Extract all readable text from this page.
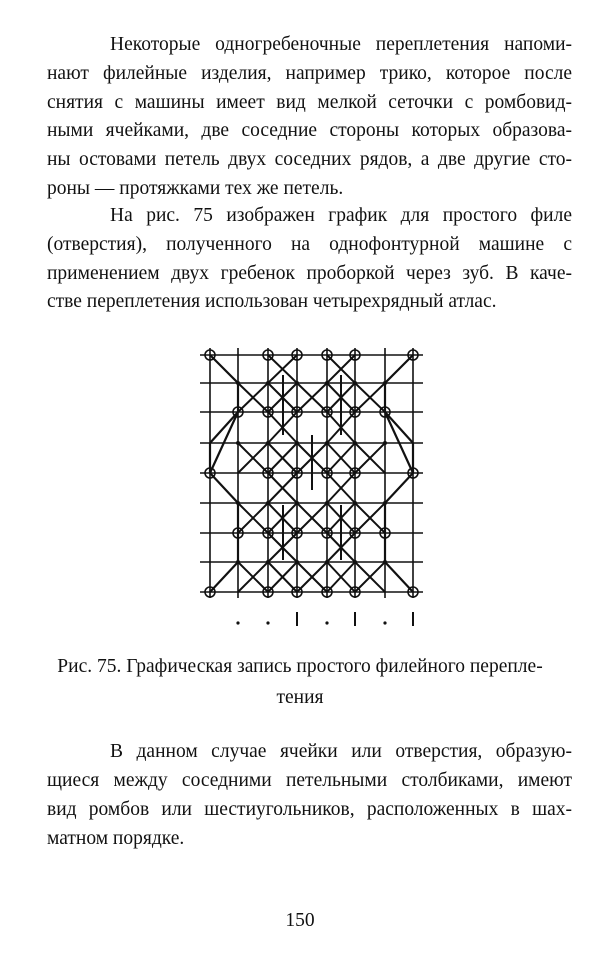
Некоторые одногребеночные переплетения напоми-
нают филейные изделия, например трико, которое после
снятия с машины имеет вид мелкой сеточки с ромбовид-
ными ячейками, две соседние стороны которых образова-
ны остовами петель двух соседних рядов, а две другие сто-
роны — протяжками тех же петель.
На рис. 75 изображен график для простого филе
(отверстия), полученного на однофонтурной машине с
применением двух гребенок проборкой через зуб. В каче-
стве переплетения использован четырехрядный атлас.
Рис. 75. Графическая запись простого филейного перепле-
тения
В данном случае ячейки или отверстия, образую-
щиеся между соседними петельными столбиками, имеют
вид ромбов или шестиугольников, расположенных в шах-
матном порядке.
150
